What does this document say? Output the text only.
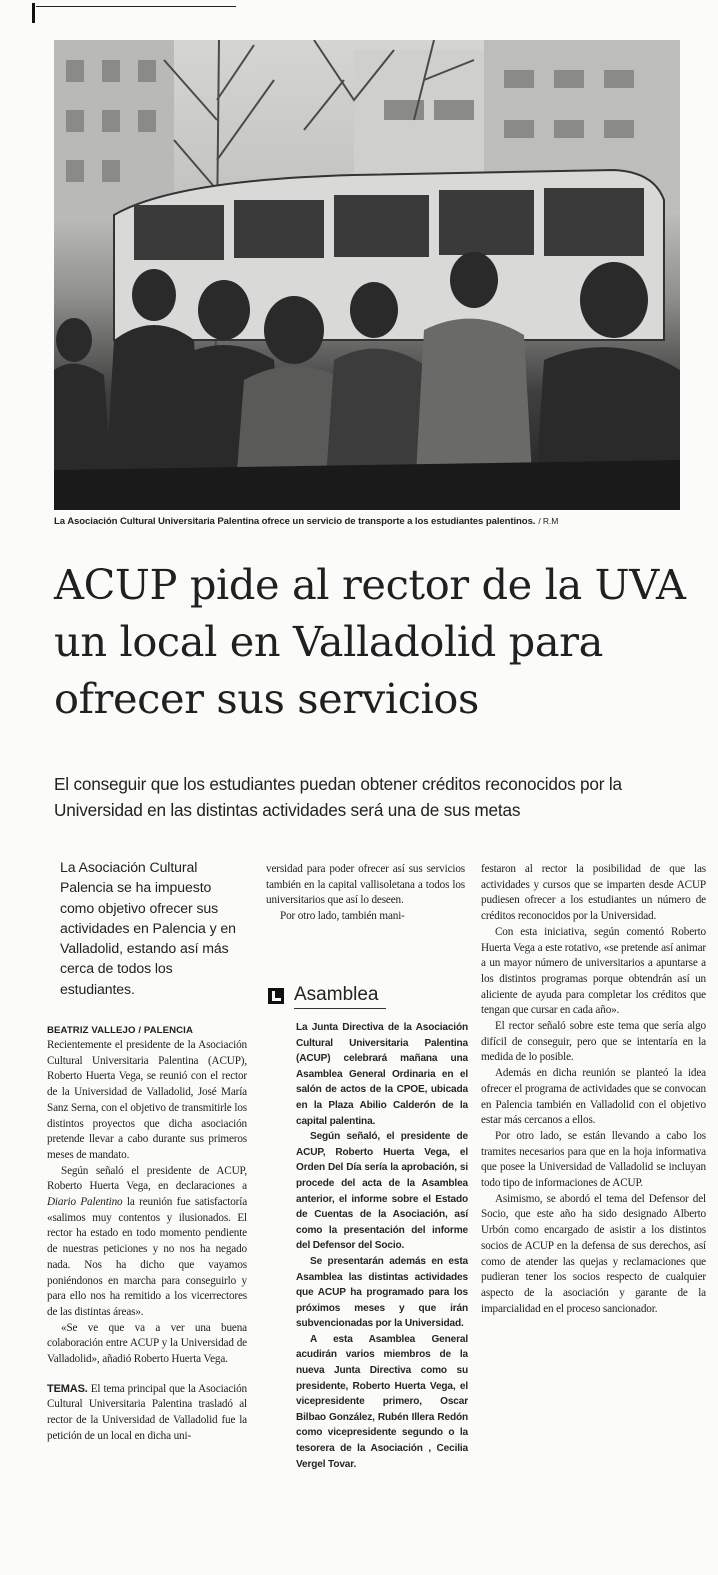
La Asociación Cultural Universitaria Palentina ofrece un servicio de transporte a los estudiantes palentinos. / R.M
ACUP pide al rector de la UVA un local en Valladolid para ofrecer sus servicios
El conseguir que los estudiantes puedan obtener créditos reconocidos por la Universidad en las distintas actividades será una de sus metas
La Asociación Cultural Palencia se ha impuesto como objetivo ofrecer sus actividades en Palencia y en Valladolid, estando así más cerca de todos los estudiantes.
BEATRIZ VALLEJO / PALENCIA

Recientemente el presidente de la Asociación Cultural Universitaria Palentina (ACUP), Roberto Huerta Vega, se reunió con el rector de la Universidad de Valladolid, José María Sanz Serna, con el objetivo de transmitirle los distintos proyectos que dicha asociación pretende llevar a cabo durante sus primeros meses de mandato.

Según señaló el presidente de ACUP, Roberto Huerta Vega, en declaraciones a Diario Palentino la reunión fue satisfactoría «salimos muy contentos y ilusionados. El rector ha estado en todo momento pendiente de nuestras peticiones y no nos ha negado nada. Nos ha dicho que vayamos poniéndonos en marcha para conseguirlo y para ello nos ha remitido a los vicerrectores de las distintas áreas».

«Se ve que va a ver una buena colaboración entre ACUP y la Universidad de Valladolid», añadió Roberto Huerta Vega.

TEMAS. El tema principal que la Asociación Cultural Universitaria Palentina trasladó al rector de la Universidad de Valladolid fue la petición de un local en dicha uni-

versidad para poder ofrecer así sus servicios también en la capital vallisoletana a todos los universitarios que así lo deseen.

Por otro lado, también mani-

Asamblea

La Junta Directiva de la Asociación Cultural Universitaria Palentina (ACUP) celebrará mañana una Asamblea General Ordinaria en el salón de actos de la CPOE, ubicada en la Plaza Abilio Calderón de la capital palentina.

Según señaló, el presidente de ACUP, Roberto Huerta Vega, el Orden Del Día sería la aprobación, si procede del acta de la Asamblea anterior, el informe sobre el Estado de Cuentas de la Asociación, así como la presentación del informe del Defensor del Socio.

Se presentarán además en esta Asamblea las distintas actividades que ACUP ha programado para los próximos meses y que irán subvencionadas por la Universidad.

A esta Asamblea General acudirán varios miembros de la nueva Junta Directiva como su presidente, Roberto Huerta Vega, el vicepresidente primero, Oscar Bilbao González, Rubén Illera Redón como vicepresidente segundo o la tesorera de la Asociación , Cecilia Vergel Tovar.

festaron al rector la posibilidad de que las actividades y cursos que se imparten desde ACUP pudiesen ofrecer a los estudiantes un número de créditos reconocidos por la Universidad.

Con esta iniciativa, según comentó Roberto Huerta Vega a este rotativo, «se pretende así animar a un mayor número de universitarios a apuntarse a los distintos programas porque obtendrán así un aliciente de ayuda para completar los créditos que tengan que cursar en cada año».

El rector señaló sobre este tema que sería algo difícil de conseguir, pero que se intentaría en la medida de lo posible.

Además en dicha reunión se planteó la idea ofrecer el programa de actividades que se convocan en Palencia también en Valladolid con el objetivo estar más cercanos a ellos.

Por otro lado, se están llevando a cabo los tramites necesarios para que en la hoja informativa que posee la Universidad de Valladolid se incluyan todo tipo de informaciones de ACUP.

Asimismo, se abordó el tema del Defensor del Socio, que este año ha sido designado Alberto Urbón como encargado de asistir a los distintos socios de ACUP en la defensa de sus derechos, así como de atender las quejas y reclamaciones que pudieran tener los socios respecto de cualquier aspecto de la asociación y garante de la imparcialidad en el proceso sancionador.
